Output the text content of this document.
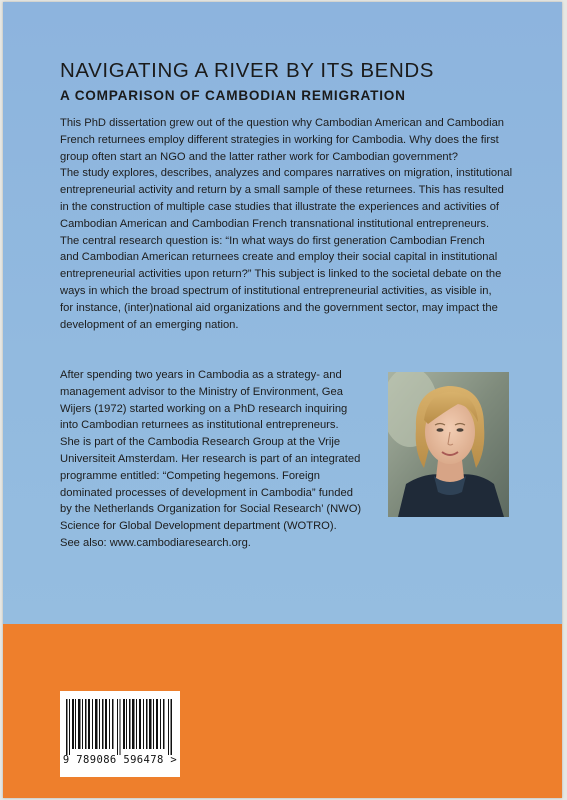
NAVIGATING A RIVER BY ITS BENDS
A COMPARISON OF CAMBODIAN REMIGRATION

This PhD dissertation grew out of the question why Cambodian American and Cambodian

French returnees employ different strategies in working for Cambodia. Why does the first

group often start an NGO and the latter rather work for Cambodian government?

The study explores, describes, analyzes and compares narratives on migration, institutional

entrepreneurial activity and return by a small sample of these returnees. This has resulted

in the construction of multiple case studies that illustrate the experiences and activities of

Cambodian American and Cambodian French transnational institutional entrepreneurs.

The central research question is: “In what ways do first generation Cambodian French

and Cambodian American returnees create and employ their social capital in institutional

entrepreneurial activities upon return?” This subject is linked to the societal debate on the

ways in which the broad spectrum of institutional entrepreneurial activities, as visible in,

for instance, (inter)national aid organizations and the government sector, may impact the

development of an emerging nation.

After spending two years in Cambodia as a strategy- and

management advisor to the Ministry of Environment, Gea

Wijers (1972) started working on a PhD research inquiring

into Cambodian returnees as institutional entrepreneurs.

She is part of the Cambodia Research Group at the Vrije

Universiteit Amsterdam. Her research is part of an integrated

programme entitled: “Competing hegemons. Foreign

dominated processes of development in Cambodia” funded

by the Netherlands Organization for Social Research’ (NWO)

Science for Global Development department (WOTRO).

See also: www.cambodiaresearch.org.

9 789086 596478 >
